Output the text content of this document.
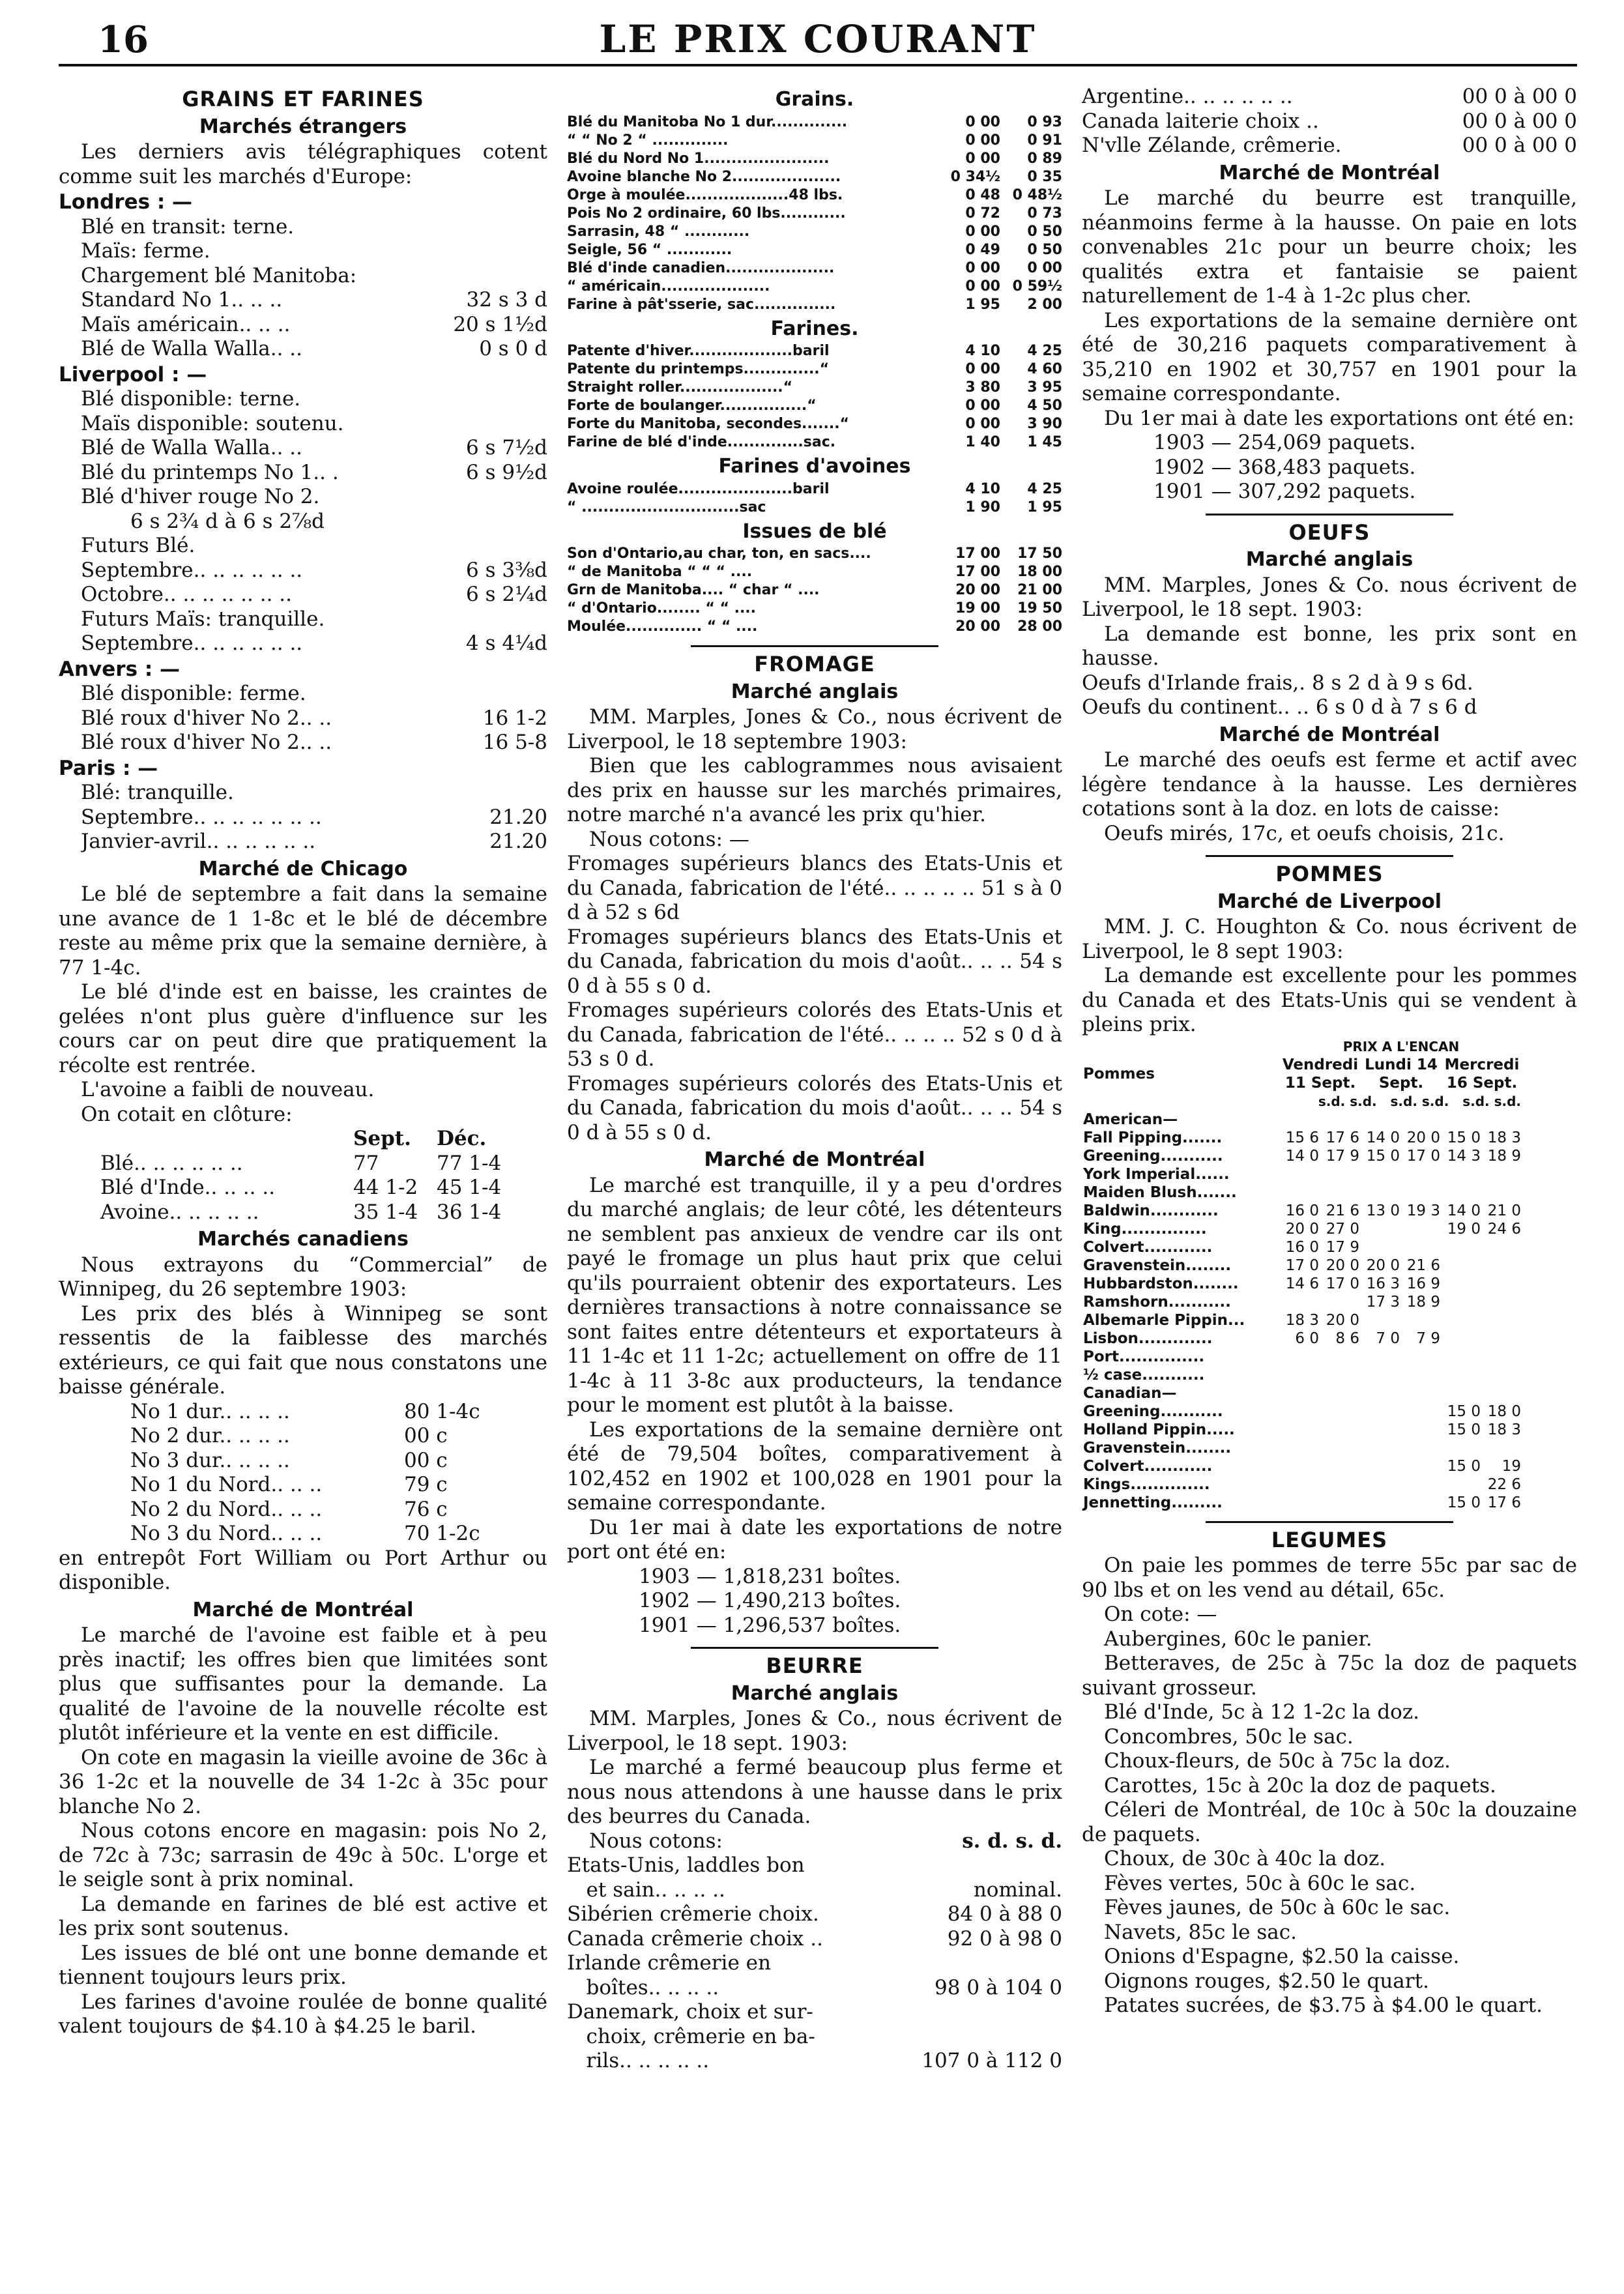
16	LE PRIX COURANT
GRAINS ET FARINES
Marchés étrangers

Les derniers avis télégraphiques cotent comme suit les marchés d'Europe:

Londres : —
Blé en transit: terne.
Maïs: ferme.
Chargement blé Manitoba:
Standard No 1.. .. ..	32 s 3 d
Maïs américain.. .. ..	20 s 1½d
Blé de Walla Walla.. ..	0 s 0 d
Liverpool : —
Blé disponible: terne.
Maïs disponible: soutenu.
Blé de Walla Walla.. ..	6 s 7½d
Blé du printemps No 1.. .	6 s 9½d
Blé d'hiver rouge No 2.
6 s 2¾ d à 6 s 2⅞d
Futurs Blé.
Septembre.. .. .. .. .. ..	6 s 3⅜d
Octobre.. .. .. .. .. .. ..	6 s 2¼d
Futurs Maïs: tranquille.
Septembre.. .. .. .. .. ..	4 s 4¼d
Anvers : —
Blé disponible: ferme.
Blé roux d'hiver No 2.. ..	16 1-2
Blé roux d'hiver No 2.. ..	16 5-8
Paris : —
Blé: tranquille.
Septembre.. .. .. .. .. .. ..	21.20
Janvier-avril.. .. .. .. .. ..	21.20
Marché de Chicago

Le blé de septembre a fait dans la semaine une avance de 1 1-8c et le blé de décembre reste au même prix que la semaine dernière, à 77 1-4c.

Le blé d'inde est en baisse, les craintes de gelées n'ont plus guère d'influence sur les cours car on peut dire que pratiquement la récolte est rentrée.

L'avoine a faibli de nouveau.

On cotait en clôture:

	Sept.	Déc.
Blé.. .. .. .. .. ..	77	77 1-4
Blé d'Inde.. .. .. ..	44 1-2	45 1-4
Avoine.. .. .. .. ..	35 1-4	36 1-4
Marchés canadiens

Nous extrayons du “Commercial” de Winnipeg, du 26 septembre 1903:

Les prix des blés à Winnipeg se sont ressentis de la faiblesse des marchés extérieurs, ce qui fait que nous constatons une baisse générale.

No 1 dur.. .. .. ..	80 1-4c
No 2 dur.. .. .. ..	00 c
No 3 dur.. .. .. ..	00 c
No 1 du Nord.. .. ..	79 c
No 2 du Nord.. .. ..	76 c
No 3 du Nord.. .. ..	70 1-2c

en entrepôt Fort William ou Port Arthur ou disponible.

Marché de Montréal

Le marché de l'avoine est faible et à peu près inactif; les offres bien que limitées sont plus que suffisantes pour la demande. La qualité de l'avoine de la nouvelle récolte est plutôt inférieure et la vente en est difficile.

On cote en magasin la vieille avoine de 36c à 36 1-2c et la nouvelle de 34 1-2c à 35c pour blanche No 2.

Nous cotons encore en magasin: pois No 2, de 72c à 73c; sarrasin de 49c à 50c. L'orge et le seigle sont à prix nominal.

La demande en farines de blé est active et les prix sont soutenus.

Les issues de blé ont une bonne demande et tiennent toujours leurs prix.

Les farines d'avoine roulée de bonne qualité valent toujours de $4.10 à $4.25 le baril.

Grains.
Blé du Manitoba No 1 dur..............	0 00	0 93
“ “ No 2 “ ..............	0 00	0 91
Blé du Nord No 1.......................	0 00	0 89
Avoine blanche No 2....................	0 34½	0 35
Orge à moulée...................48 lbs.	0 48 0 48½
Pois No 2 ordinaire, 60 lbs............	0 72	0 73
Sarrasin, 48 “ ............	0 00	0 50
Seigle, 56 “ ............	0 49	0 50
Blé d'inde canadien....................	0 00	0 00
“ américain....................	0 00 0 59½
Farine à pât'sserie, sac...............	1 95	2 00
Farines.
Patente d'hiver...................baril	4 10	4 25
Patente du printemps..............“	0 00	4 60
Straight roller...................“	3 80	3 95
Forte de boulanger................“	0 00	4 50
Forte du Manitoba, secondes.......“	0 00	3 90
Farine de blé d'inde..............sac.	1 40	1 45
Farines d'avoines
Avoine roulée.....................baril	4 10	4 25
“ .............................sac	1 90	1 95
Issues de blé
Son d'Ontario,au char, ton, en sacs....	17 00	17 50
“ de Manitoba “ “ “ ....	17 00	18 00
Grn de Manitoba.... “ char “ ....	20 00	21 00
“ d'Ontario........ “ “ ....	19 00	19 50
Moulée.............. “ “ ....	20 00	28 00
FROMAGE
Marché anglais

MM. Marples, Jones & Co., nous écrivent de Liverpool, le 18 septembre 1903:

Bien que les cablogrammes nous avisaient des prix en hausse sur les marchés primaires, notre marché n'a avancé les prix qu'hier.

Nous cotons: —

Fromages supérieurs blancs des Etats-Unis et du Canada, fabrication de l'été.. .. .. .. .. 51 s à 0 d à 52 s 6d

Fromages supérieurs blancs des Etats-Unis et du Canada, fabrication du mois d'août.. .. .. 54 s 0 d à 55 s 0 d.

Fromages supérieurs colorés des Etats-Unis et du Canada, fabrication de l'été.. .. .. .. 52 s 0 d à 53 s 0 d.

Fromages supérieurs colorés des Etats-Unis et du Canada, fabrication du mois d'août.. .. .. 54 s 0 d à 55 s 0 d.

Marché de Montréal

Le marché est tranquille, il y a peu d'ordres du marché anglais; de leur côté, les détenteurs ne semblent pas anxieux de vendre car ils ont payé le fromage un plus haut prix que celui qu'ils pourraient obtenir des exportateurs. Les dernières transactions à notre connaissance se sont faites entre détenteurs et exportateurs à 11 1-4c et 11 1-2c; actuellement on offre de 11 1-4c à 11 3-8c aux producteurs, la tendance pour le moment est plutôt à la baisse.

Les exportations de la semaine dernière ont été de 79,504 boîtes, comparativement à 102,452 en 1902 et 100,028 en 1901 pour la semaine correspondante.

Du 1er mai à date les exportations de notre port ont été en:

1903 — 1,818,231 boîtes.
1902 — 1,490,213 boîtes.
1901 — 1,296,537 boîtes.
BEURRE
Marché anglais

MM. Marples, Jones & Co., nous écrivent de Liverpool, le 18 sept. 1903:

Le marché a fermé beaucoup plus ferme et nous nous attendons à une hausse dans le prix des beurres du Canada.

Nous cotons:	s. d. s. d.
Etats-Unis, laddles bon
et sain.. .. .. ..	nominal.
Sibérien crêmerie choix.	84 0 à 88 0
Canada crêmerie choix ..	92 0 à 98 0
Irlande crêmerie en
boîtes.. .. .. ..	98 0 à 104 0
Danemark, choix et sur-
choix, crêmerie en ba-
rils.. .. .. .. ..	107 0 à 112 0
Argentine.. .. .. .. .. ..	00 0 à 00 0
Canada laiterie choix ..	00 0 à 00 0
N'vlle Zélande, crêmerie.	00 0 à 00 0
Marché de Montréal

Le marché du beurre est tranquille, néanmoins ferme à la hausse. On paie en lots convenables 21c pour un beurre choix; les qualités extra et fantaisie se paient naturellement de 1-4 à 1-2c plus cher.

Les exportations de la semaine dernière ont été de 30,216 paquets comparativement à 35,210 en 1902 et 30,757 en 1901 pour la semaine correspondante.

Du 1er mai à date les exportations ont été en:

1903 — 254,069 paquets.
1902 — 368,483 paquets.
1901 — 307,292 paquets.
OEUFS
Marché anglais

MM. Marples, Jones & Co. nous écrivent de Liverpool, le 18 sept. 1903:

La demande est bonne, les prix sont en hausse.

Oeufs d'Irlande frais,. 8 s 2 d à 9 s 6d.
Oeufs du continent.. .. 6 s 0 d à 7 s 6 d
Marché de Montréal

Le marché des oeufs est ferme et actif avec légère tendance à la hausse. Les dernières cotations sont à la doz. en lots de caisse:

Oeufs mirés, 17c, et oeufs choisis, 21c.

POMMES
Marché de Liverpool

MM. J. C. Houghton & Co. nous écrivent de Liverpool, le 8 sept 1903:

La demande est excellente pour les pommes du Canada et des Etats-Unis qui se vendent à pleins prix.

	PRIX A L'ENCAN					
Pommes	Vendredi 11 Sept.		Lundi 14 Sept.		Mercredi 16 Sept.	
	s.d. s.d.   s.d. s.d.   s.d. s.d.					
American—						
Fall Pipping.......	15 6	17 6	14 0	20 0	15 0	18 3
Greening...........	14 0	17 9	15 0	17 0	14 3	18 9
York Imperial......						
Maiden Blush.......						
Baldwin............	16 0	21 6	13 0	19 3	14 0	21 0
King...............	20 0	27 0			19 0	24 6
Colvert............	16 0	17 9				
Gravenstein........	17 0	20 0	20 0	21 6		
Hubbardston........	14 6	17 0	16 3	16 9		
Ramshorn...........			17 3	18 9		
Albemarle Pippin...	18 3	20 0				
Lisbon.............	6 0	8 6	7 0	7 9		
Port...............						
½ case...........						
Canadian—						
Greening...........					15 0	18 0
Holland Pippin.....					15 0	18 3
Gravenstein........						
Colvert............					15 0	19
Kings..............						22 6
Jennetting.........					15 0	17 6
LEGUMES

On paie les pommes de terre 55c par sac de 90 lbs et on les vend au détail, 65c.

On cote: —

Aubergines, 60c le panier.

Betteraves, de 25c à 75c la doz de paquets suivant grosseur.

Blé d'Inde, 5c à 12 1-2c la doz.

Concombres, 50c le sac.

Choux-fleurs, de 50c à 75c la doz.

Carottes, 15c à 20c la doz de paquets.

Céleri de Montréal, de 10c à 50c la douzaine de paquets.

Choux, de 30c à 40c la doz.

Fèves vertes, 50c à 60c le sac.

Fèves jaunes, de 50c à 60c le sac.

Navets, 85c le sac.

Onions d'Espagne, $2.50 la caisse.

Oignons rouges, $2.50 le quart.

Patates sucrées, de $3.75 à $4.00 le quart.
